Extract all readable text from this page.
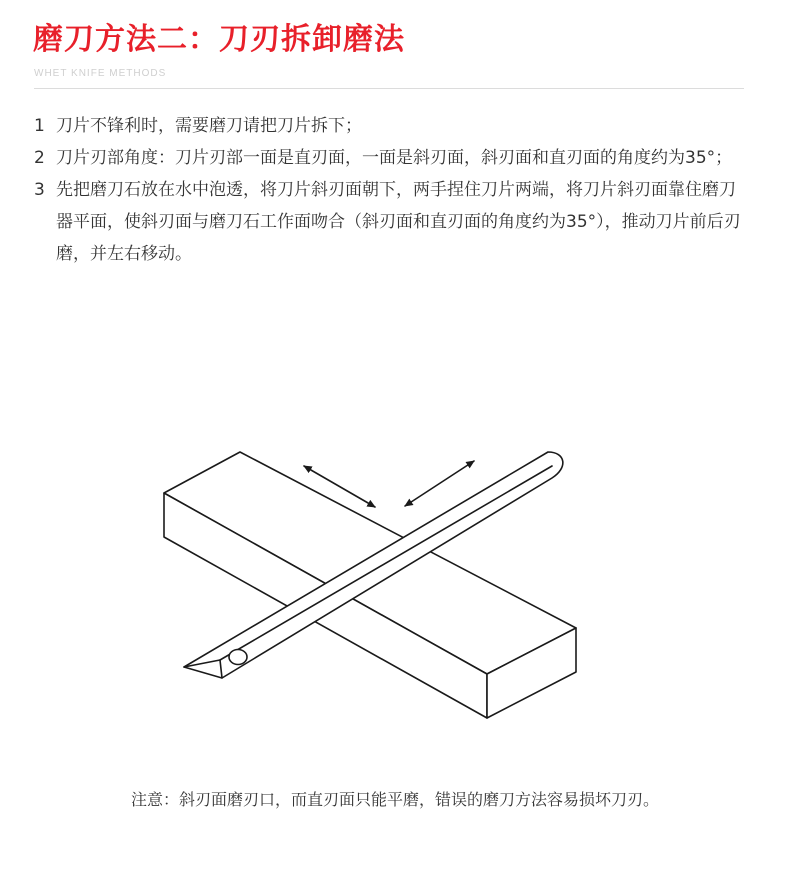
磨刀方法二：刀刃拆卸磨法
WHET KNIFE METHODS

1 刀片不锋利时，需要磨刀请把刀片拆下；

2 刀片刃部角度：刀片刃部一面是直刃面，一面是斜刃面，斜刃面和直刃面的角度约为35°；

3 先把磨刀石放在水中泡透，将刀片斜刃面朝下，两手捏住刀片两端，将刀片斜刃面靠住磨刀器平面，使斜刃面与磨刀石工作面吻合（斜刃面和直刃面的角度约为35°），推动刀片前后刃磨，并左右移动。

注意：斜刃面磨刃口，而直刃面只能平磨，错误的磨刀方法容易损坏刀刃。
